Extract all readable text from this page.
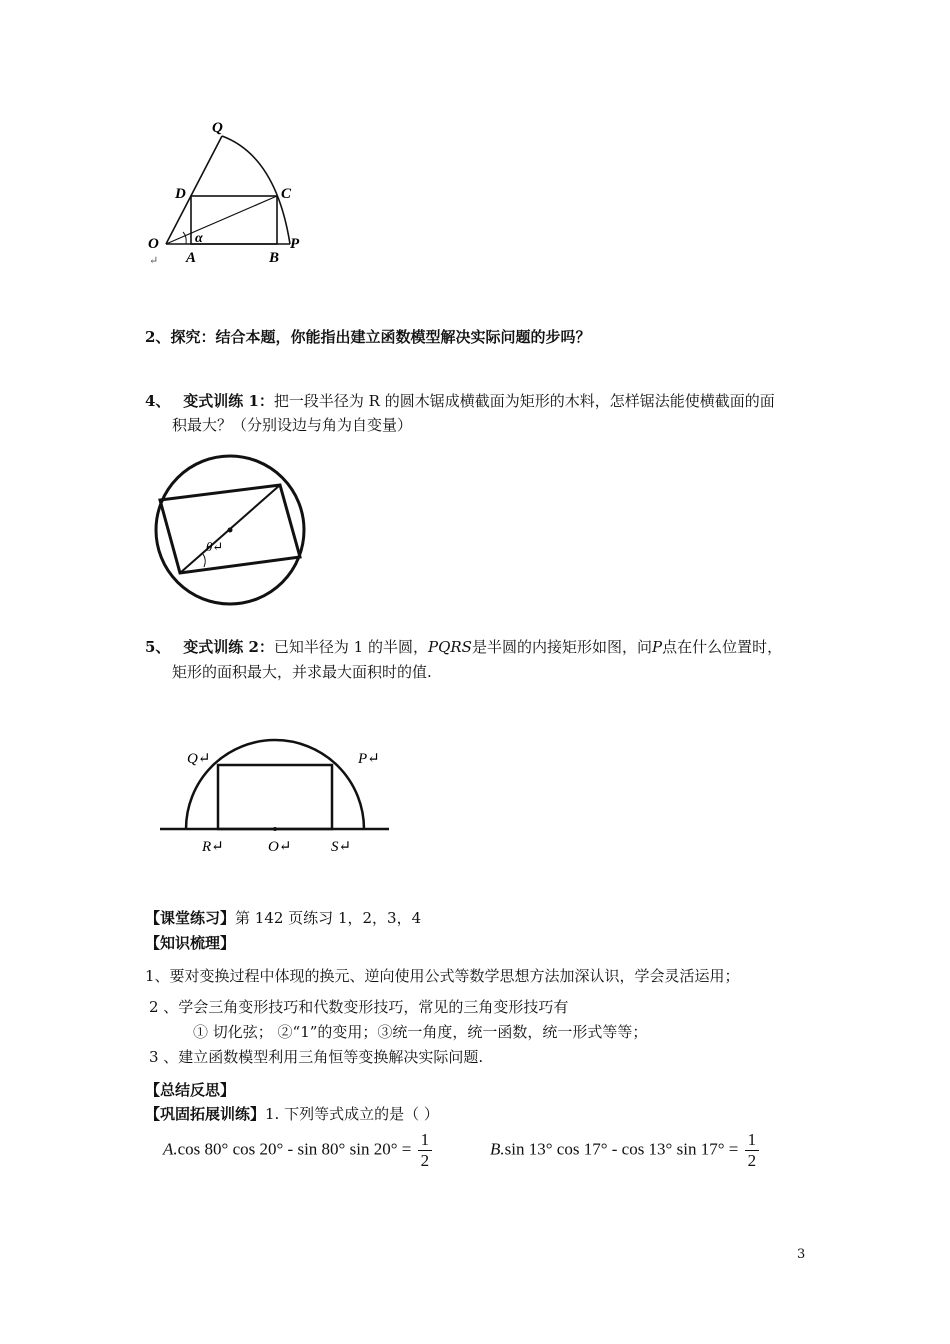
Q
D	C
O	α
A	B
P
↵
2、探究：结合本题，你能指出建立函数模型解决实际问题的步吗？
4、 变式训练 1：把一段半径为 R 的圆木锯成横截面为矩形的木料，怎样锯法能使横截面的面
积最大？（分别设边与角为自变量）
θ↵
5、 变式训练 2：已知半径为 1 的半圆，PQRS是半圆的内接矩形如图，问P点在什么位置时，
矩形的面积最大，并求最大面积时的值.
Q↵	P↵
R↵	O↵	S↵
【课堂练习】第 142 页练习 1，2，3，4
【知识梳理】
1、要对变换过程中体现的换元、逆向使用公式等数学思想方法加深认识，学会灵活运用；
2 、学会三角变形技巧和代数变形技巧，常见的三角变形技巧有
① 切化弦； ②“1”的变用；③统一角度，统一函数，统一形式等等；
3 、建立函数模型利用三角恒等变换解决实际问题.
【总结反思】
【巩固拓展训练】1. 下列等式成立的是（ ）
A.cos 80° cos 20° - sin 80° $\sin 20^\circ = \frac{1}{2}$	B.sin 13° cos 17° - cos 13° $\sin 17^\circ = \frac{1}{2}$
3
